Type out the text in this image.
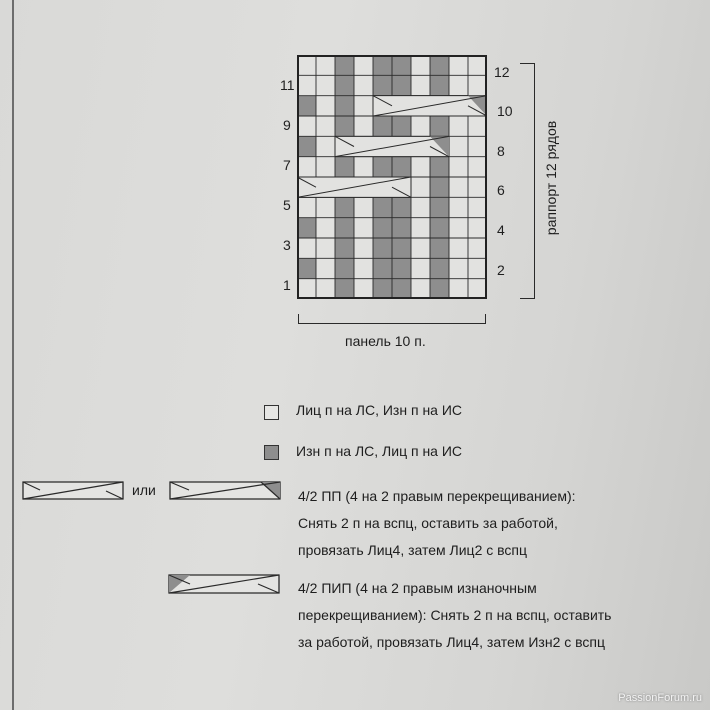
11
9
7
5
3
1
12
10
8
6
4
2
раппорт 12 рядов
панель 10 п.
Лиц п на ЛС, Изн п на ИС
Изн п на ЛС, Лиц п на ИС
или	4/2 ПП (4 на 2 правым перекрещиванием):
Снять 2 п на вспц, оставить за работой,
провязать Лиц4, затем Лиц2 с вспц
4/2 ПИП (4 на 2 правым изнаночным
перекрещиванием): Снять 2 п на вспц, оставить
за работой, провязать Лиц4, затем Изн2 с вспц
PassionForum.ru
